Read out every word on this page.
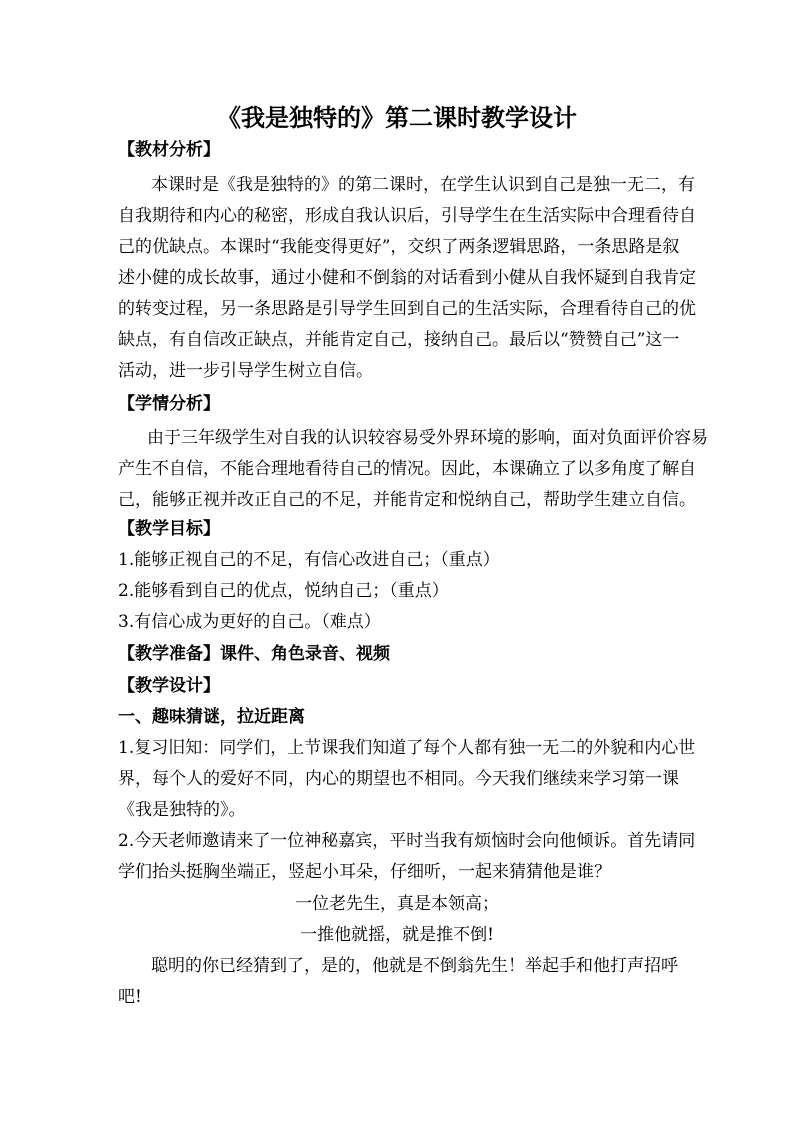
《我是独特的》第二课时教学设计
【教材分析】
本课时是《我是独特的》的第二课时，在学生认识到自己是独一无二，有
自我期待和内心的秘密，形成自我认识后，引导学生在生活实际中合理看待自
己的优缺点。本课时“我能变得更好”，交织了两条逻辑思路，一条思路是叙
述小健的成长故事，通过小健和不倒翁的对话看到小健从自我怀疑到自我肯定
的转变过程，另一条思路是引导学生回到自己的生活实际，合理看待自己的优
缺点，有自信改正缺点，并能肯定自己，接纳自己。最后以“赞赞自己”这一
活动，进一步引导学生树立自信。
【学情分析】
由于三年级学生对自我的认识较容易受外界环境的影响，面对负面评价容易
产生不自信，不能合理地看待自己的情况。因此，本课确立了以多角度了解自
己，能够正视并改正自己的不足，并能肯定和悦纳自己，帮助学生建立自信。
【教学目标】
1.能够正视自己的不足，有信心改进自己；（重点）
2.能够看到自己的优点，悦纳自己；（重点）
3.有信心成为更好的自己。（难点）
【教学准备】课件、角色录音、视频
【教学设计】
一、趣味猜谜，拉近距离
1.复习旧知：同学们，上节课我们知道了每个人都有独一无二的外貌和内心世
界，每个人的爱好不同，内心的期望也不相同。今天我们继续来学习第一课
《我是独特的》。
2.今天老师邀请来了一位神秘嘉宾，平时当我有烦恼时会向他倾诉。首先请同
学们抬头挺胸坐端正，竖起小耳朵，仔细听，一起来猜猜他是谁？
一位老先生，真是本领高；
一推他就摇，就是推不倒!
聪明的你已经猜到了，是的，他就是不倒翁先生！举起手和他打声招呼
吧!
